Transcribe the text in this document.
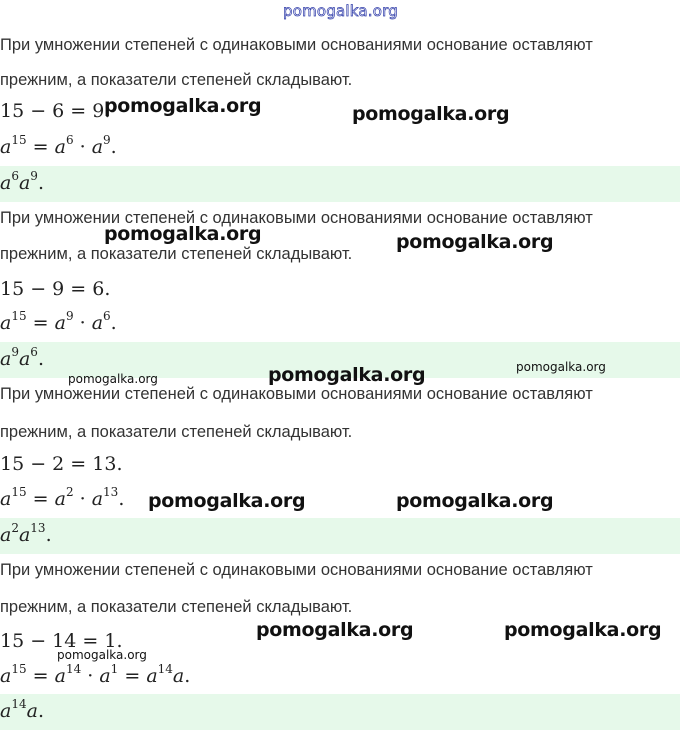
pomogalka.org
При умножении степеней с одинаковыми основаниями основание оставляют
прежним, а показатели степеней складывают.
15 − 6 = 9.
$a^{15} = a^6 \cdot a^9$.
$a^6a^9$.
При умножении степеней с одинаковыми основаниями основание оставляют
прежним, а показатели степеней складывают.
15 − 9 = 6.
$a^{15} = a^9 \cdot a^6$.
$a^9a^6$.
При умножении степеней с одинаковыми основаниями основание оставляют
прежним, а показатели степеней складывают.
15 − 2 = 13.
$a^{15} = a^2 \cdot a^{13}$.
$a^2a^{13}$.
При умножении степеней с одинаковыми основаниями основание оставляют
прежним, а показатели степеней складывают.
15 − 14 = 1.
$a^{15} = a^{14} \cdot a^1 = a^{14}a$.
$a^{14}a$.
pomogalka.org	pomogalka.org
pomogalka.org	pomogalka.org
pomogalka.org	pomogalka.org	pomogalka.org
pomogalka.org	pomogalka.org
pomogalka.org	pomogalka.org
pomogalka.org
